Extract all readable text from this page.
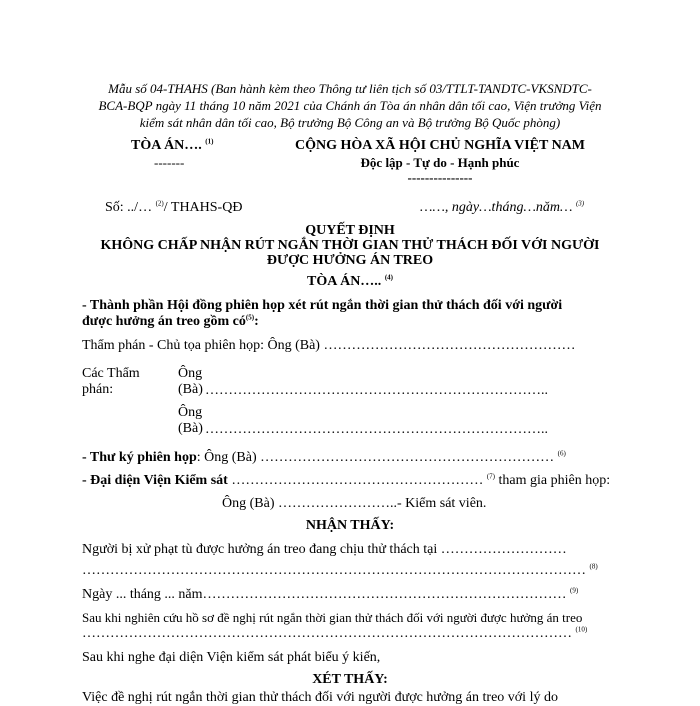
Mẫu số 04-THAHS (Ban hành kèm theo Thông tư liên tịch số 03/TTLT-TANDTC-VKSNDTC-
BCA-BQP ngày 11 tháng 10 năm 2021 của Chánh án Tòa án nhân dân tối cao, Viện trưởng Viện
kiểm sát nhân dân tối cao, Bộ trưởng Bộ Công an và Bộ trưởng Bộ Quốc phòng)
TÒA ÁN…. $^{(1)}$
-------
CỘNG HÒA XÃ HỘI CHỦ NGHĨA VIỆT NAM
Độc lập - Tự do - Hạnh phúc
---------------
Số: ../… $^{(2)}$/ THAHS-QĐ	……, ngày…tháng…năm… $^{(3)}$
QUYẾT ĐỊNH
KHÔNG CHẤP NHẬN RÚT NGẮN THỜI GIAN THỬ THÁCH ĐỐI VỚI NGƯỜI
ĐƯỢC HƯỞNG ÁN TREO
TÒA ÁN….. $^{(4)}$
- Thành phần Hội đồng phiên họp xét rút ngắn thời gian thử thách đối với người
được hưởng án treo gồm $có^{(5)}$:
Thẩm phán - Chủ tọa phiên họp: Ông (Bà) ………………………………………………
Các Thẩm
phán:
Ông
(Bà) ………………………………………………………………..
Ông
(Bà) ………………………………………………………………..
- Thư ký phiên họp: Ông (Bà) ……………………………………………………… $^{(6)}$
- Đại diện Viện Kiểm sát ……………………………………………… $^{(7)}$ tham gia phiên họp:
Ông (Bà) ……………………..- Kiểm sát viên.
NHẬN THẤY:
Người bị xử phạt tù được hưởng án treo đang chịu thử thách tại ………………………
……………………………………………………………………………………………… $^{(8)}$
Ngày ... tháng ... năm…………………………………………………………………… $^{(9)}$
Sau khi nghiên cứu hồ sơ đề nghị rút ngắn thời gian thử thách đối với người được hưởng án treo
…………………………………………………………………………………………… $^{(10)}$
Sau khi nghe đại diện Viện kiểm sát phát biểu ý kiến,
XÉT THẤY:
Việc đề nghị rút ngắn thời gian thử thách đối với người được hưởng án treo với lý do
